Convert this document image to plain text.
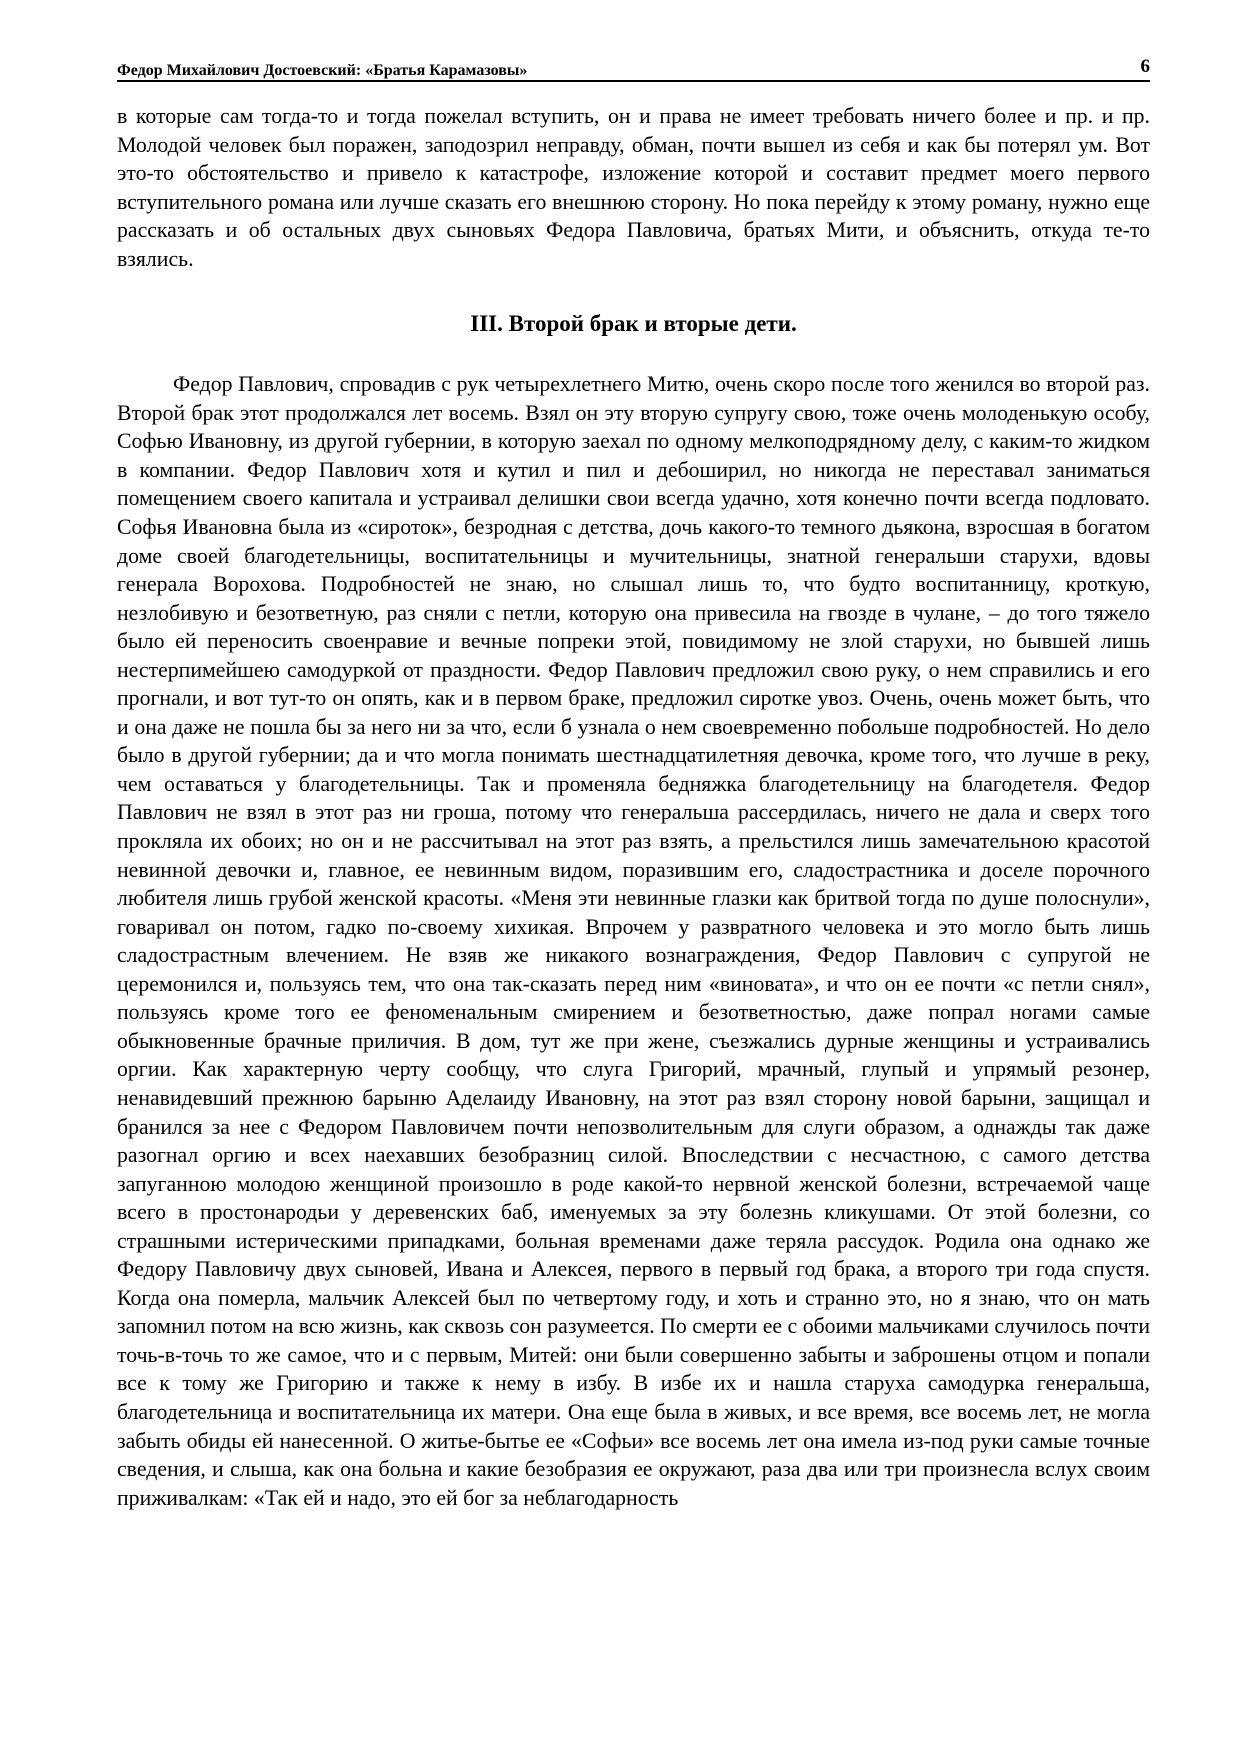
Федор Михайлович Достоевский: «Братья Карамазовы»	6

в которые сам тогда-то и тогда пожелал вступить, он и права не имеет требовать ничего более и пр. и пр. Молодой человек был поражен, заподозрил неправду, обман, почти вышел из себя и как бы потерял ум. Вот это-то обстоятельство и привело к катастрофе, изложение которой и составит предмет моего первого вступительного романа или лучше сказать его внешнюю сторону. Но пока перейду к этому роману, нужно еще рассказать и об остальных двух сыновьях Федора Павловича, братьях Мити, и объяснить, откуда те-то взялись.

III. Второй брак и вторые дети.

Федор Павлович, спровадив с рук четырехлетнего Митю, очень скоро после того женился во второй раз. Второй брак этот продолжался лет восемь. Взял он эту вторую супругу свою, тоже очень молоденькую особу, Софью Ивановну, из другой губернии, в которую заехал по одному мелкоподрядному делу, с каким-то жидком в компании. Федор Павлович хотя и кутил и пил и дебоширил, но никогда не переставал заниматься помещением своего капитала и устраивал делишки свои всегда удачно, хотя конечно почти всегда подловато. Софья Ивановна была из «сироток», безродная с детства, дочь какого-то темного дьякона, взросшая в богатом доме своей благодетельницы, воспитательницы и мучительницы, знатной генеральши старухи, вдовы генерала Ворохова. Подробностей не знаю, но слышал лишь то, что будто воспитанницу, кроткую, незлобивую и безответную, раз сняли с петли, которую она привесила на гвозде в чулане, – до того тяжело было ей переносить своенравие и вечные попреки этой, повидимому не злой старухи, но бывшей лишь нестерпимейшею самодуркой от праздности. Федор Павлович предложил свою руку, о нем справились и его прогнали, и вот тут-то он опять, как и в первом браке, предложил сиротке увоз. Очень, очень может быть, что и она даже не пошла бы за него ни за что, если б узнала о нем своевременно побольше подробностей. Но дело было в другой губернии; да и что могла понимать шестнадцатилетняя девочка, кроме того, что лучше в реку, чем оставаться у благодетельницы. Так и променяла бедняжка благодетельницу на благодетеля. Федор Павлович не взял в этот раз ни гроша, потому что генеральша рассердилась, ничего не дала и сверх того прокляла их обоих; но он и не рассчитывал на этот раз взять, а прельстился лишь замечательною красотой невинной девочки и, главное, ее невинным видом, поразившим его, сладострастника и доселе порочного любителя лишь грубой женской красоты. «Меня эти невинные глазки как бритвой тогда по душе полоснули», говаривал он потом, гадко по-своему хихикая. Впрочем у развратного человека и это могло быть лишь сладострастным влечением. Не взяв же никакого вознаграждения, Федор Павлович с супругой не церемонился и, пользуясь тем, что она так-сказать перед ним «виновата», и что он ее почти «с петли снял», пользуясь кроме того ее феноменальным смирением и безответностью, даже попрал ногами самые обыкновенные брачные приличия. В дом, тут же при жене, съезжались дурные женщины и устраивались оргии. Как характерную черту сообщу, что слуга Григорий, мрачный, глупый и упрямый резонер, ненавидевший прежнюю барыню Аделаиду Ивановну, на этот раз взял сторону новой барыни, защищал и бранился за нее с Федором Павловичем почти непозволительным для слуги образом, а однажды так даже разогнал оргию и всех наехавших безобразниц силой. Впоследствии с несчастною, с самого детства запуганною молодою женщиной произошло в роде какой-то нервной женской болезни, встречаемой чаще всего в простонародьи у деревенских баб, именуемых за эту болезнь кликушами. От этой болезни, со страшными истерическими припадками, больная временами даже теряла рассудок. Родила она однако же Федору Павловичу двух сыновей, Ивана и Алексея, первого в первый год брака, а второго три года спустя. Когда она померла, мальчик Алексей был по четвертому году, и хоть и странно это, но я знаю, что он мать запомнил потом на всю жизнь, как сквозь сон разумеется. По смерти ее с обоими мальчиками случилось почти точь-в-точь то же самое, что и с первым, Митей: они были совершенно забыты и заброшены отцом и попали все к тому же Григорию и также к нему в избу. В избе их и нашла старуха самодурка генеральша, благодетельница и воспитательница их матери. Она еще была в живых, и все время, все восемь лет, не могла забыть обиды ей нанесенной. О житье-бытье ее «Софьи» все восемь лет она имела из-под руки самые точные сведения, и слыша, как она больна и какие безобразия ее окружают, раза два или три произнесла вслух своим приживалкам: «Так ей и надо, это ей бог за неблагодарность
